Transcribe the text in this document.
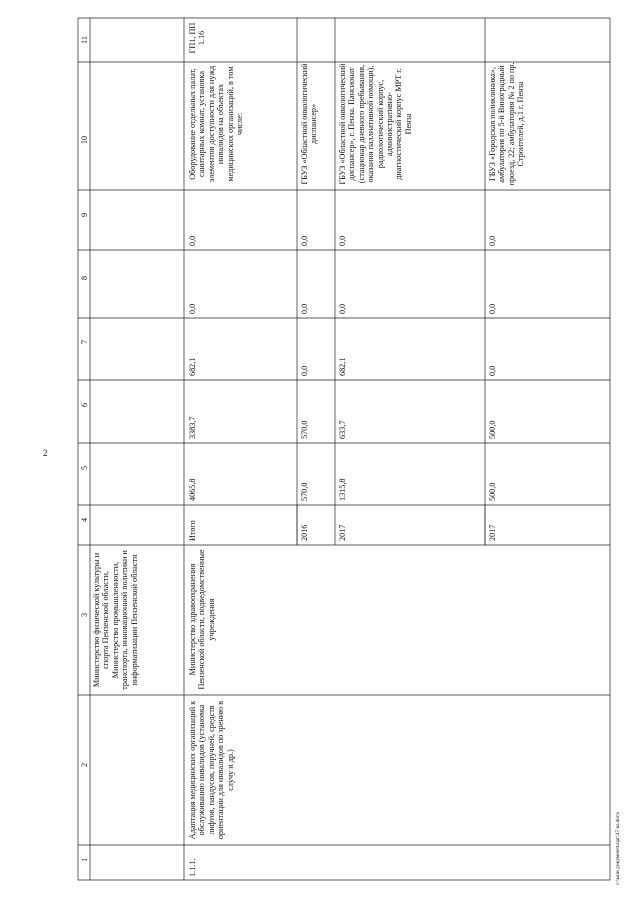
2
1
2
3
4
5
6
7
8
9
10
11
Министерство физической культуры и спорта Пензенской области, Министерство промышленности, транспорта, инновационной политики и информатизации Пензенской области
1.1.1.
Адаптация медицинских организаций к обслуживанию инвалидов (установка лифтов, пандусов, поручней, средств ориентации для инвалидов по зрению в случу и др.)
Министерство здравоохранения Пензенской области, подведомственные учреждения
Итого
4065,8
3383,7
682,1
0,0
0,0
Оборудование отдельных палат, санитарных комнат, установка элементов доступности для нужд инвалидов на объектах медицинских организаций, в том числе:
ГП1, ПП 1.16
2016
570,0
570,0
0,0
0,0
0,0
ГБУЗ «Областной онкологический диспансер»
2017
1315,8
633,7
682,1
0,0
0,0
ГБУЗ «Областной онкологический диспансер», г. Пенза. Пансионат (стационар дневного пребывания, оказания паллиативной помощи), радиологический корпус, административно-диагностический корпус МРТ г. Пенза
2017
500,0
500,0
0,0
0,0
0,0
ГБУЗ «Городская поликлиника», амбулатория по 5-й Виноградный проезд, 22; амбулатория № 2 по пр. Строителей, д.1 г. Пенза
c:\мои документы\pr\47-ш.docx
